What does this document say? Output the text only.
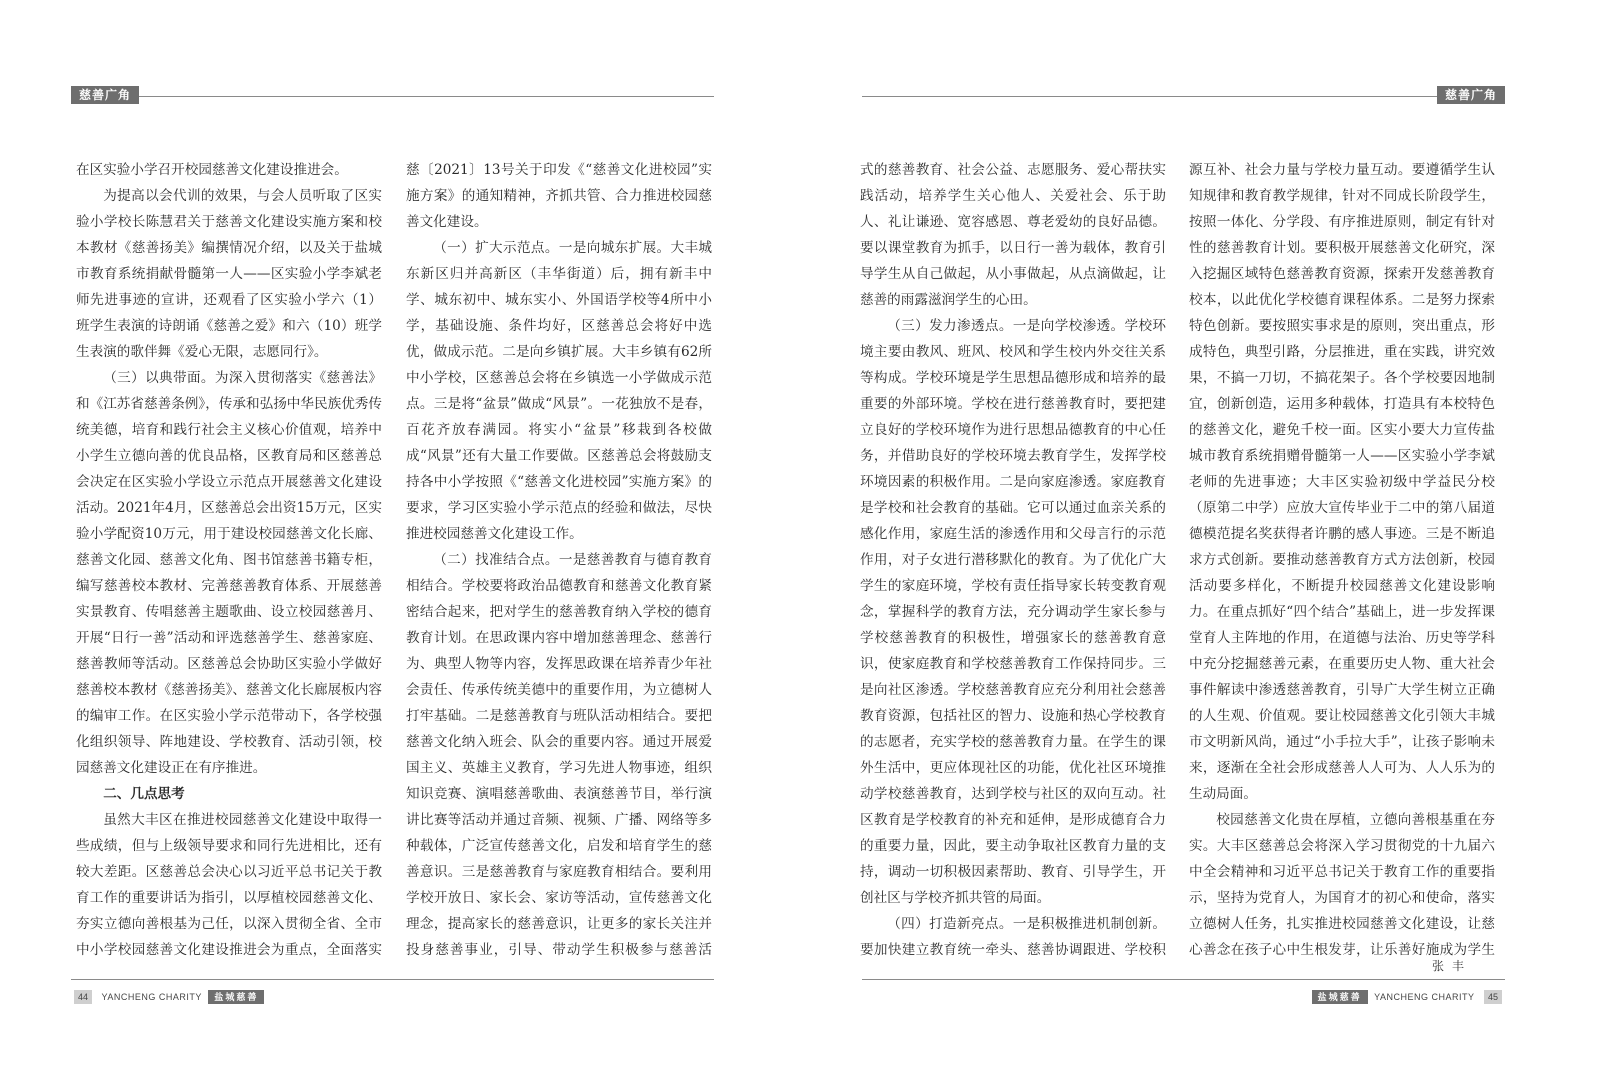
慈善广角

在区实验小学召开校园慈善文化建设推进会。

为提高以会代训的效果，与会人员听取了区实验小学校长陈慧君关于慈善文化建设实施方案和校本教材《慈善扬美》编撰情况介绍，以及关于盐城市教育系统捐献骨髓第一人——区实验小学李斌老师先进事迹的宣讲，还观看了区实验小学六（1）班学生表演的诗朗诵《慈善之爱》和六（10）班学生表演的歌伴舞《爱心无限，志愿同行》。

（三）以典带面。为深入贯彻落实《慈善法》和《江苏省慈善条例》，传承和弘扬中华民族优秀传统美德，培育和践行社会主义核心价值观，培养中小学生立德向善的优良品格，区教育局和区慈善总会决定在区实验小学设立示范点开展慈善文化建设活动。2021年4月，区慈善总会出资15万元，区实验小学配资10万元，用于建设校园慈善文化长廊、慈善文化园、慈善文化角、图书馆慈善书籍专柜，编写慈善校本教材、完善慈善教育体系、开展慈善实景教育、传唱慈善主题歌曲、设立校园慈善月、开展“日行一善”活动和评选慈善学生、慈善家庭、慈善教师等活动。区慈善总会协助区实验小学做好慈善校本教材《慈善扬美》、慈善文化长廊展板内容的编审工作。在区实验小学示范带动下，各学校强化组织领导、阵地建设、学校教育、活动引领，校园慈善文化建设正在有序推进。

二、几点思考

虽然大丰区在推进校园慈善文化建设中取得一些成绩，但与上级领导要求和同行先进相比，还有较大差距。区慈善总会决心以习近平总书记关于教育工作的重要讲话为指引，以厚植校园慈善文化、夯实立德向善根基为己任，以深入贯彻全省、全市中小学校园慈善文化建设推进会为重点，全面落实

慈〔2021〕13号关于印发《“慈善文化进校园”实施方案》的通知精神，齐抓共管、合力推进校园慈善文化建设。

（一）扩大示范点。一是向城东扩展。大丰城东新区归并高新区（丰华街道）后，拥有新丰中学、城东初中、城东实小、外国语学校等4所中小学，基础设施、条件均好，区慈善总会将好中选优，做成示范。二是向乡镇扩展。大丰乡镇有62所中小学校，区慈善总会将在乡镇选一小学做成示范点。三是将“盆景”做成“风景”。一花独放不是春，百花齐放春满园。将实小“盆景”移栽到各校做成“风景”还有大量工作要做。区慈善总会将鼓励支持各中小学按照《“慈善文化进校园”实施方案》的要求，学习区实验小学示范点的经验和做法，尽快推进校园慈善文化建设工作。

（二）找准结合点。一是慈善教育与德育教育相结合。学校要将政治品德教育和慈善文化教育紧密结合起来，把对学生的慈善教育纳入学校的德育教育计划。在思政课内容中增加慈善理念、慈善行为、典型人物等内容，发挥思政课在培养青少年社会责任、传承传统美德中的重要作用，为立德树人打牢基础。二是慈善教育与班队活动相结合。要把慈善文化纳入班会、队会的重要内容。通过开展爱国主义、英雄主义教育，学习先进人物事迹，组织知识竞赛、演唱慈善歌曲、表演慈善节目，举行演讲比赛等活动并通过音频、视频、广播、网络等多种载体，广泛宣传慈善文化，启发和培育学生的慈善意识。三是慈善教育与家庭教育相结合。要利用学校开放日、家长会、家访等活动，宣传慈善文化理念，提高家长的慈善意识，让更多的家长关注并投身慈善事业，引导、带动学生积极参与慈善活

44 YANCHENG CHARITY 盐城慈善
慈善广角

式的慈善教育、社会公益、志愿服务、爱心帮扶实践活动，培养学生关心他人、关爱社会、乐于助人、礼让谦逊、宽容感恩、尊老爱幼的良好品德。要以课堂教育为抓手，以日行一善为载体，教育引导学生从自己做起，从小事做起，从点滴做起，让慈善的雨露滋润学生的心田。

（三）发力渗透点。一是向学校渗透。学校环境主要由教风、班风、校风和学生校内外交往关系等构成。学校环境是学生思想品德形成和培养的最重要的外部环境。学校在进行慈善教育时，要把建立良好的学校环境作为进行思想品德教育的中心任务，并借助良好的学校环境去教育学生，发挥学校环境因素的积极作用。二是向家庭渗透。家庭教育是学校和社会教育的基础。它可以通过血亲关系的感化作用，家庭生活的渗透作用和父母言行的示范作用，对子女进行潜移默化的教育。为了优化广大学生的家庭环境，学校有责任指导家长转变教育观念，掌握科学的教育方法，充分调动学生家长参与学校慈善教育的积极性，增强家长的慈善教育意识，使家庭教育和学校慈善教育工作保持同步。三是向社区渗透。学校慈善教育应充分利用社会慈善教育资源，包括社区的智力、设施和热心学校教育的志愿者，充实学校的慈善教育力量。在学生的课外生活中，更应体现社区的功能，优化社区环境推动学校慈善教育，达到学校与社区的双向互动。社区教育是学校教育的补充和延伸，是形成德育合力的重要力量，因此，要主动争取社区教育力量的支持，调动一切积极因素帮助、教育、引导学生，开创社区与学校齐抓共管的局面。

（四）打造新亮点。一是积极推进机制创新。要加快建立教育统一牵头、慈善协调跟进、学校积

源互补、社会力量与学校力量互动。要遵循学生认知规律和教育教学规律，针对不同成长阶段学生，按照一体化、分学段、有序推进原则，制定有针对性的慈善教育计划。要积极开展慈善文化研究，深入挖掘区域特色慈善教育资源，探索开发慈善教育校本，以此优化学校德育课程体系。二是努力探索特色创新。要按照实事求是的原则，突出重点，形成特色，典型引路，分层推进，重在实践，讲究效果，不搞一刀切，不搞花架子。各个学校要因地制宜，创新创造，运用多种载体，打造具有本校特色的慈善文化，避免千校一面。区实小要大力宣传盐城市教育系统捐赠骨髓第一人——区实验小学李斌老师的先进事迹；大丰区实验初级中学益民分校（原第二中学）应放大宣传毕业于二中的第八届道德模范提名奖获得者许鹏的感人事迹。三是不断追求方式创新。要推动慈善教育方式方法创新，校园活动要多样化，不断提升校园慈善文化建设影响力。在重点抓好“四个结合”基础上，进一步发挥课堂育人主阵地的作用，在道德与法治、历史等学科中充分挖掘慈善元素，在重要历史人物、重大社会事件解读中渗透慈善教育，引导广大学生树立正确的人生观、价值观。要让校园慈善文化引领大丰城市文明新风尚，通过“小手拉大手”，让孩子影响未来，逐渐在全社会形成慈善人人可为、人人乐为的生动局面。

校园慈善文化贵在厚植，立德向善根基重在夯实。大丰区慈善总会将深入学习贯彻党的十九届六中全会精神和习近平总书记关于教育工作的重要指示，坚持为党育人，为国育才的初心和使命，落实立德树人任务，扎实推进校园慈善文化建设，让慈心善念在孩子心中生根发芽，让乐善好施成为学生

张丰
盐城慈善 YANCHENG CHARITY 45
